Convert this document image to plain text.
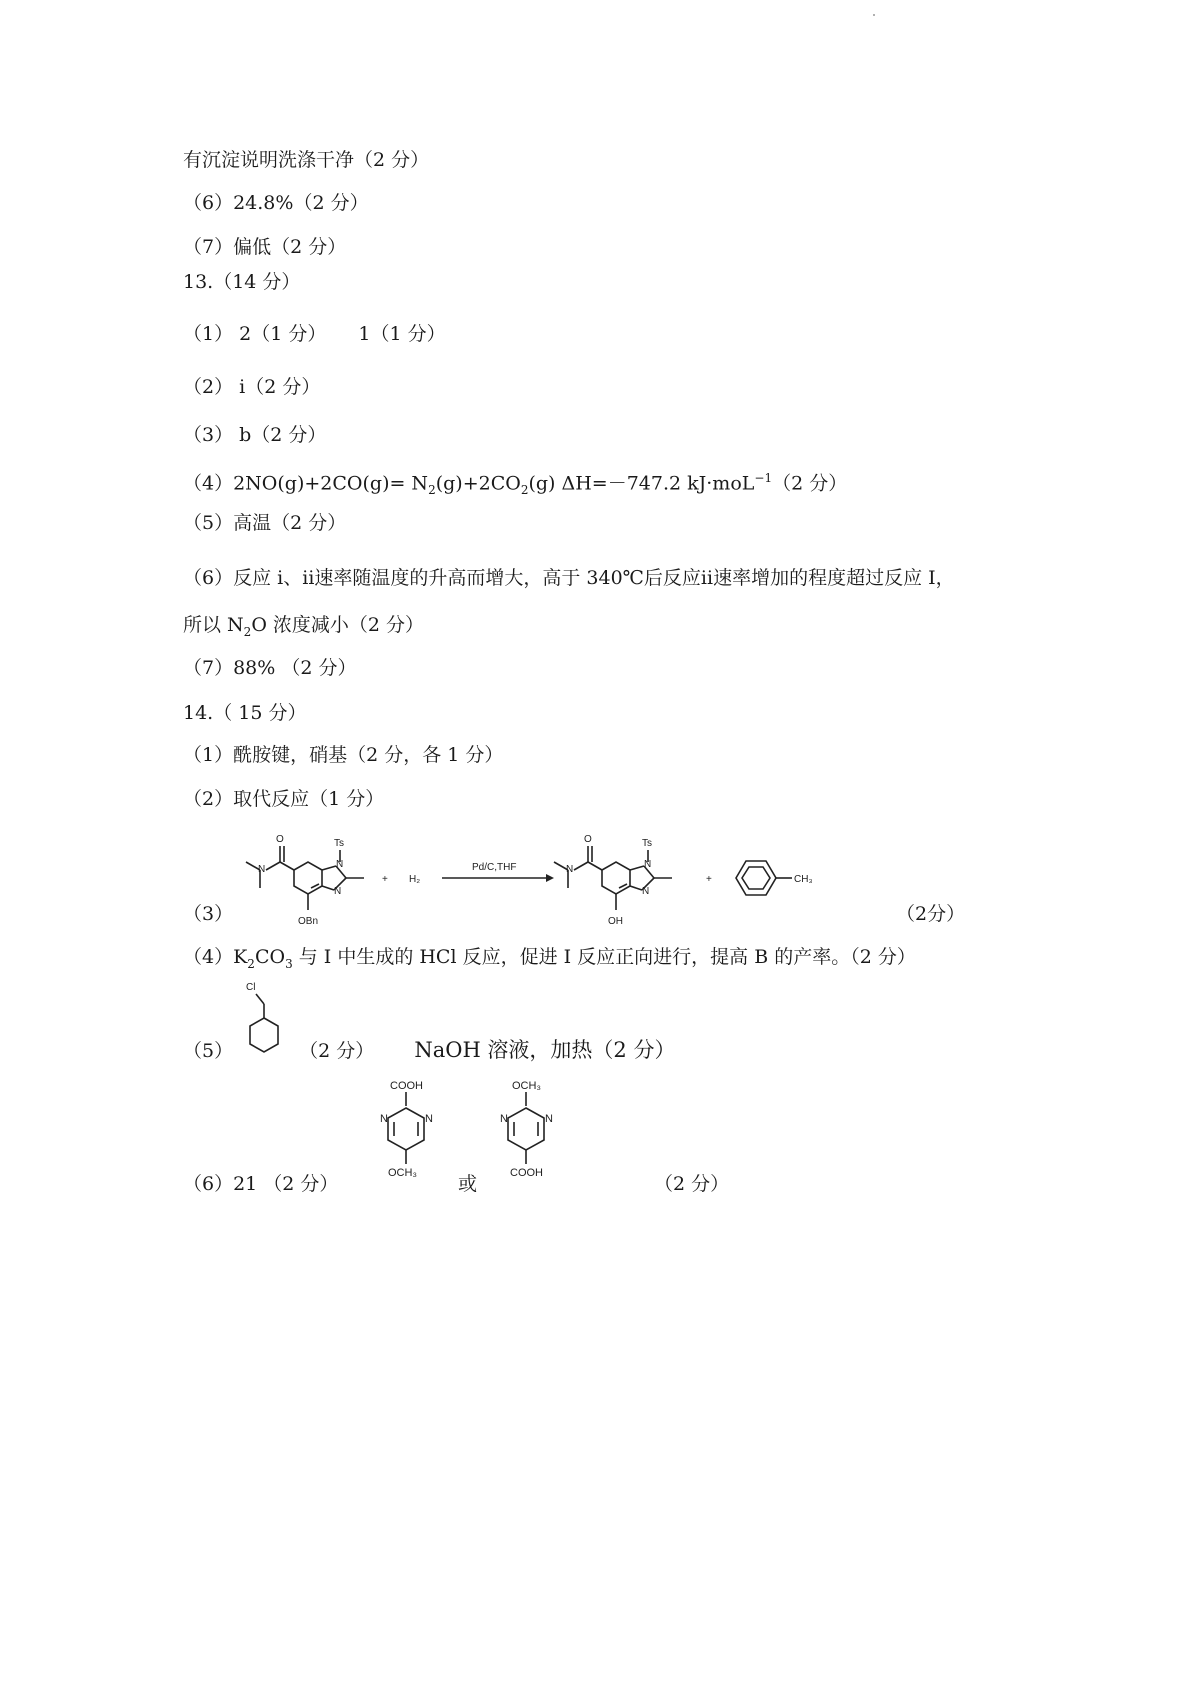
有沉淀说明洗涤干净（2 分）
（6）24.8%（2 分）
（7）偏低（2 分）
13.（14 分）
（1） 2（1 分） 1（1 分）
（2） ⅰ（2 分）
（3） b（2 分）
$(4)2NO(g)+2CO(g)= N_2(g)+2CO_2(g)$ ΔH=－747.2 kJ·moL$^{-1}$（2 分）
（5）高温（2 分）
（6）反应 ⅰ、ⅱ速率随温度的升高而增大，高于 340℃后反应ⅱ速率增加的程度超过反应 I，
所以 $N_2O$ 浓度减小（2 分）
（7）88% （2 分）
14.（ 15 分）
（1）酰胺键，硝基（2 分，各 1 分）
（2）取代反应（1 分）
（3）	（2分）
O
N	N
N
Ts
OBn
+ H₂
Pd/C,THF
O
N	N
N
Ts
OH
+	CH₃
$(4)K_2CO_3$ 与 I 中生成的 HCl 反应，促进 I 反应正向进行，提高 B 的产率。（2 分）
Cl
（5）	（2 分） NaOH 溶液，加热（2 分）
COOH
N	N
OCH₃
OCH₃
N	N
COOH
（6）21 （2 分）	或	（2 分）
